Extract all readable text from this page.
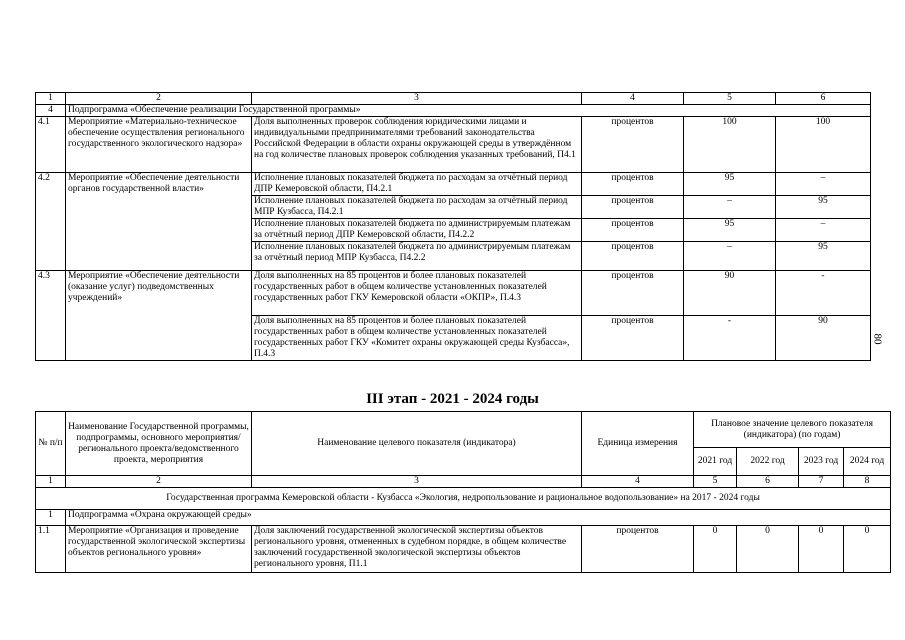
1	2	3	4	5	6
4	Подпрограмма «Обеспечение реализации Государственной программы»				
4.1	Мероприятие «Материально-техническое обеспечение осуществления регионального государственного экологического надзора»	Доля выполненных проверок соблюдения юридическими лицами и индивидуальными предпринимателями требований законодательства Российской Федерации в области охраны окружающей среды в утверждённом на год количестве плановых проверок соблюдения указанных требований, П4.1	процентов	100	100
4.2	Мероприятие «Обеспечение деятельности органов государственной власти»	Исполнение плановых показателей бюджета по расходам за отчётный период ДПР Кемеровской области, П4.2.1	процентов	95	–
		Исполнение плановых показателей бюджета по расходам за отчётный период МПР Кузбасса, П4.2.1	процентов	–	95
		Исполнение плановых показателей бюджета по администрируемым платежам за отчётный период ДПР Кемеровской области, П4.2.2	процентов	95	–
		Исполнение плановых показателей бюджета по администрируемым платежам за отчётный период МПР Кузбасса, П4.2.2	процентов	–	95
4.3	Мероприятие «Обеспечение деятельности (оказание услуг) подведомственных учреждений»	Доля выполненных на 85 процентов и более плановых показателей государственных работ в общем количестве установленных показателей государственных работ ГКУ Кемеровской области «ОКПР», П.4.3	процентов	90	-
		Доля выполненных на 85 процентов и более плановых показателей государственных работ в общем количестве установленных показателей государственных работ ГКУ «Комитет охраны окружающей среды Кузбасса», П.4.3	процентов	-	90
80
III этап - 2021 - 2024 годы
№ п/п	Наименование Государственной программы, подпрограммы, основного мероприятия/регионального проекта/ведомственного проекта, мероприятия	Наименование целевого показателя (индикатора)	Единица измерения	Плановое значение целевого показателя (индикатора) (по годам)			
				2021 год	2022 год	2023 год	2024 год
1	2	3	4	5	6	7	8
Государственная программа Кемеровской области - Кузбасса «Экология, недропользование и рациональное водопользование» на 2017 - 2024 годы							
1	Подпрограмма «Охрана окружающей среды»						
1.1	Мероприятие «Организация и проведение государственной экологической экспертизы объектов регионального уровня»	Доля заключений государственной экологической экспертизы объектов регионального уровня, отмененных в судебном порядке, в общем количестве заключений государственной экологической экспертизы объектов регионального уровня, П1.1	процентов	0	0	0	0
